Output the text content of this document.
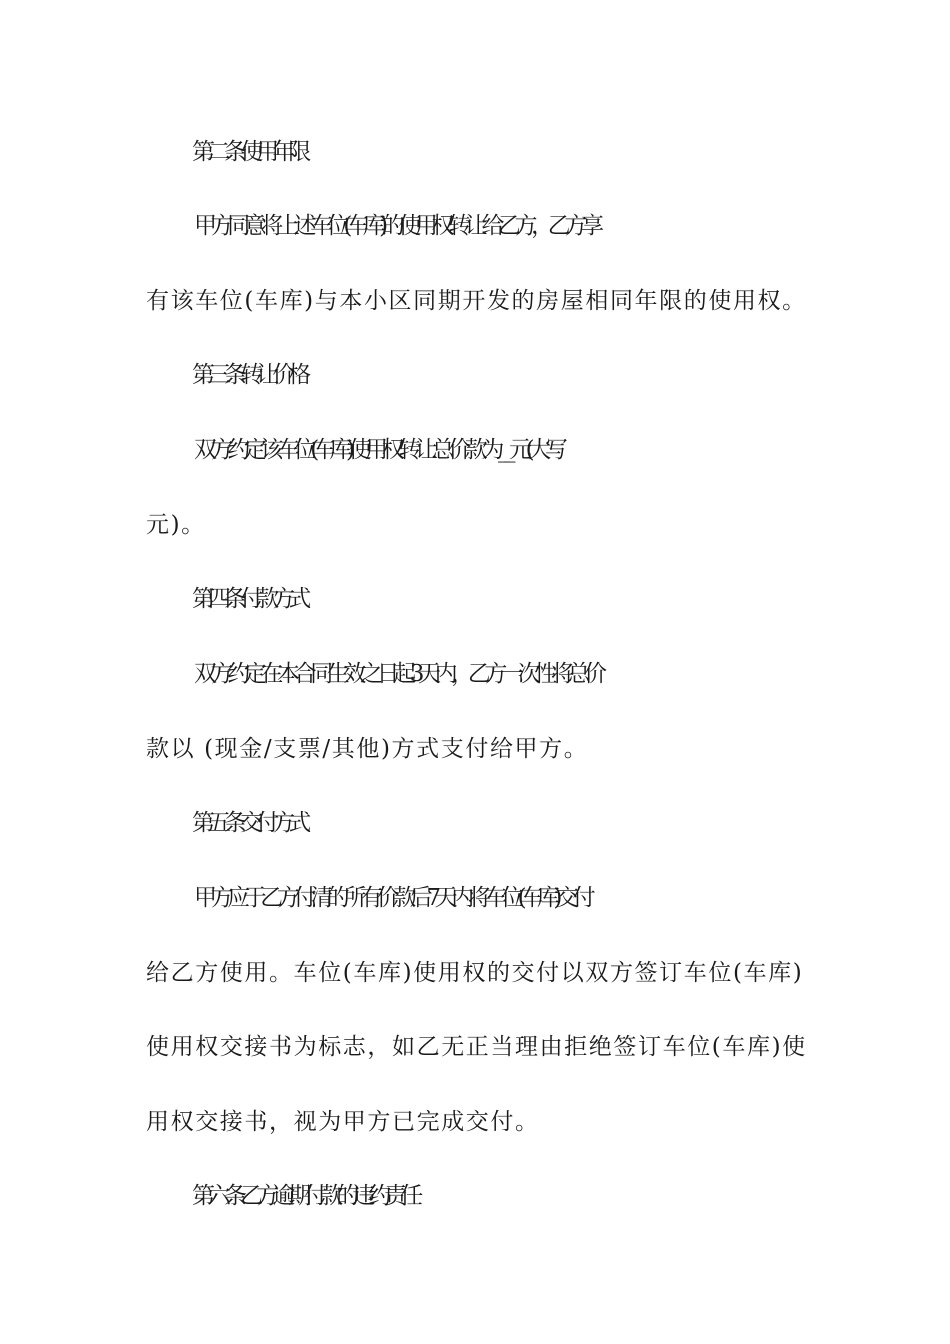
第二条 使用年限
甲方同意将上述车位(车库)的使用权转让给乙方，乙方享
有该车位(车库)与本小区同期开发的房屋相同年限的使用权。
第三条 转让价格
双方约定该车位(车库)使用权转让总价款为_ _元(大写
元)。
第四条 付款方式
双方约定在本合同生效之日起3天内，乙方一次性将总价
款以 (现金/支票/其他)方式支付给甲方。
第五条 交付方式
甲方应于乙方付清的所有价款后7天内将车位(车库)交付
给乙方使用。车位(车库)使用权的交付以双方签订车位(车库)
使用权交接书为标志，如乙无正当理由拒绝签订车位(车库)使
用权交接书，视为甲方已完成交付。
第六条 乙方逾期付款的违约责任
